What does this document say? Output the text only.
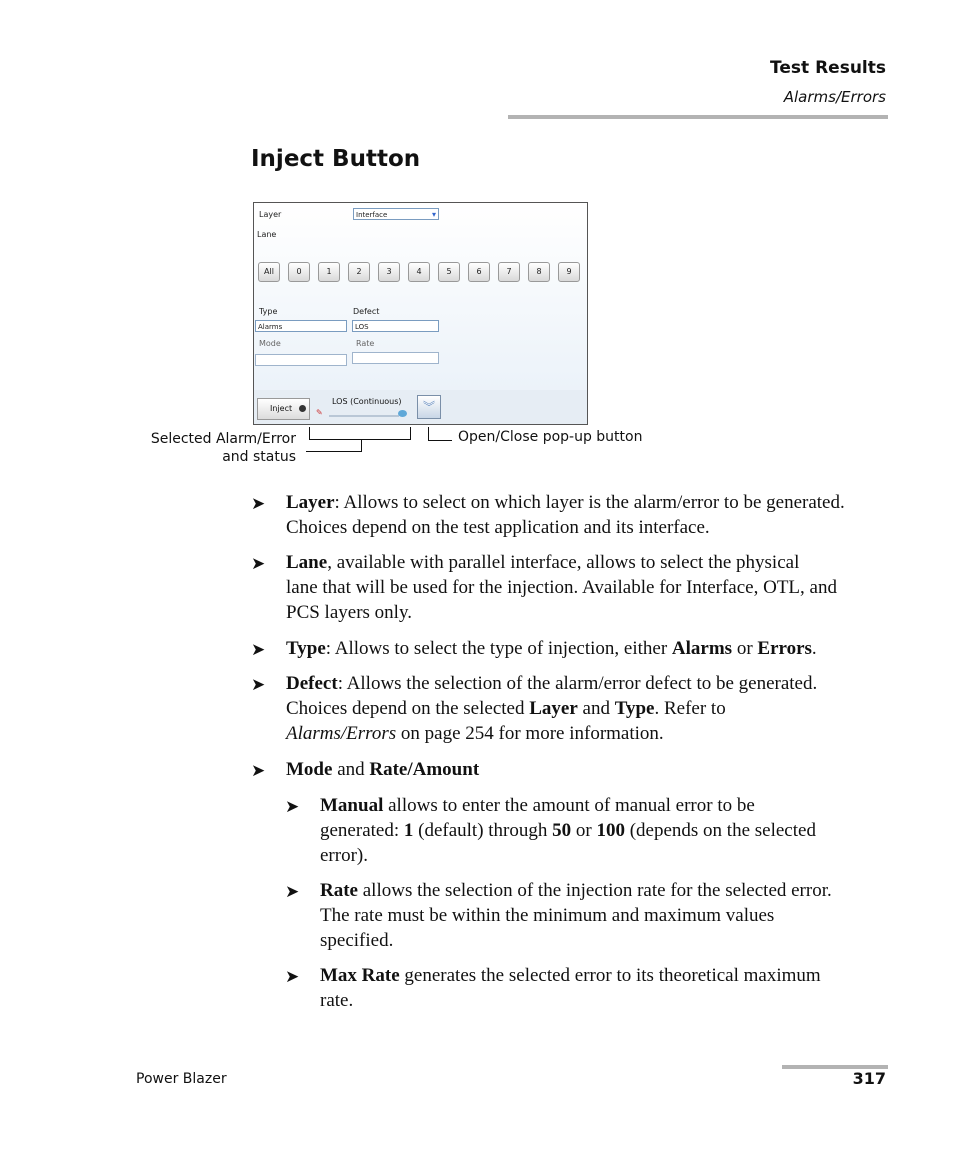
Test Results
Alarms/Errors
Inject Button
Layer	Interface	▾
Lane
All	0	1	2	3	4	5	6	7	8	9
Type	Defect
Alarms	LOS
Mode	Rate
Inject
LOS (Continuous)
✎	︾
Selected Alarm/Error
and status
Open/Close pop-up button
➤ Layer: Allows to select on which layer is the alarm/error to be generated. Choices depend on the test application and its interface.
➤ Lane, available with parallel interface, allows to select the physical
lane that will be used for the injection. Available for Interface, OTL, and
PCS layers only.
➤ Type: Allows to select the type of injection, either Alarms or Errors.
➤ Defect: Allows the selection of the alarm/error defect to be generated.
Choices depend on the selected Layer and Type. Refer to
Alarms/Errors on page 254 for more information.
➤ Mode and Rate/Amount
➤ Manual allows to enter the amount of manual error to be
generated: 1 (default) through 50 or 100 (depends on the selected
error).
➤ Rate allows the selection of the injection rate for the selected error.
The rate must be within the minimum and maximum values
specified.
➤ Max Rate generates the selected error to its theoretical maximum
rate.
Power Blazer	317
